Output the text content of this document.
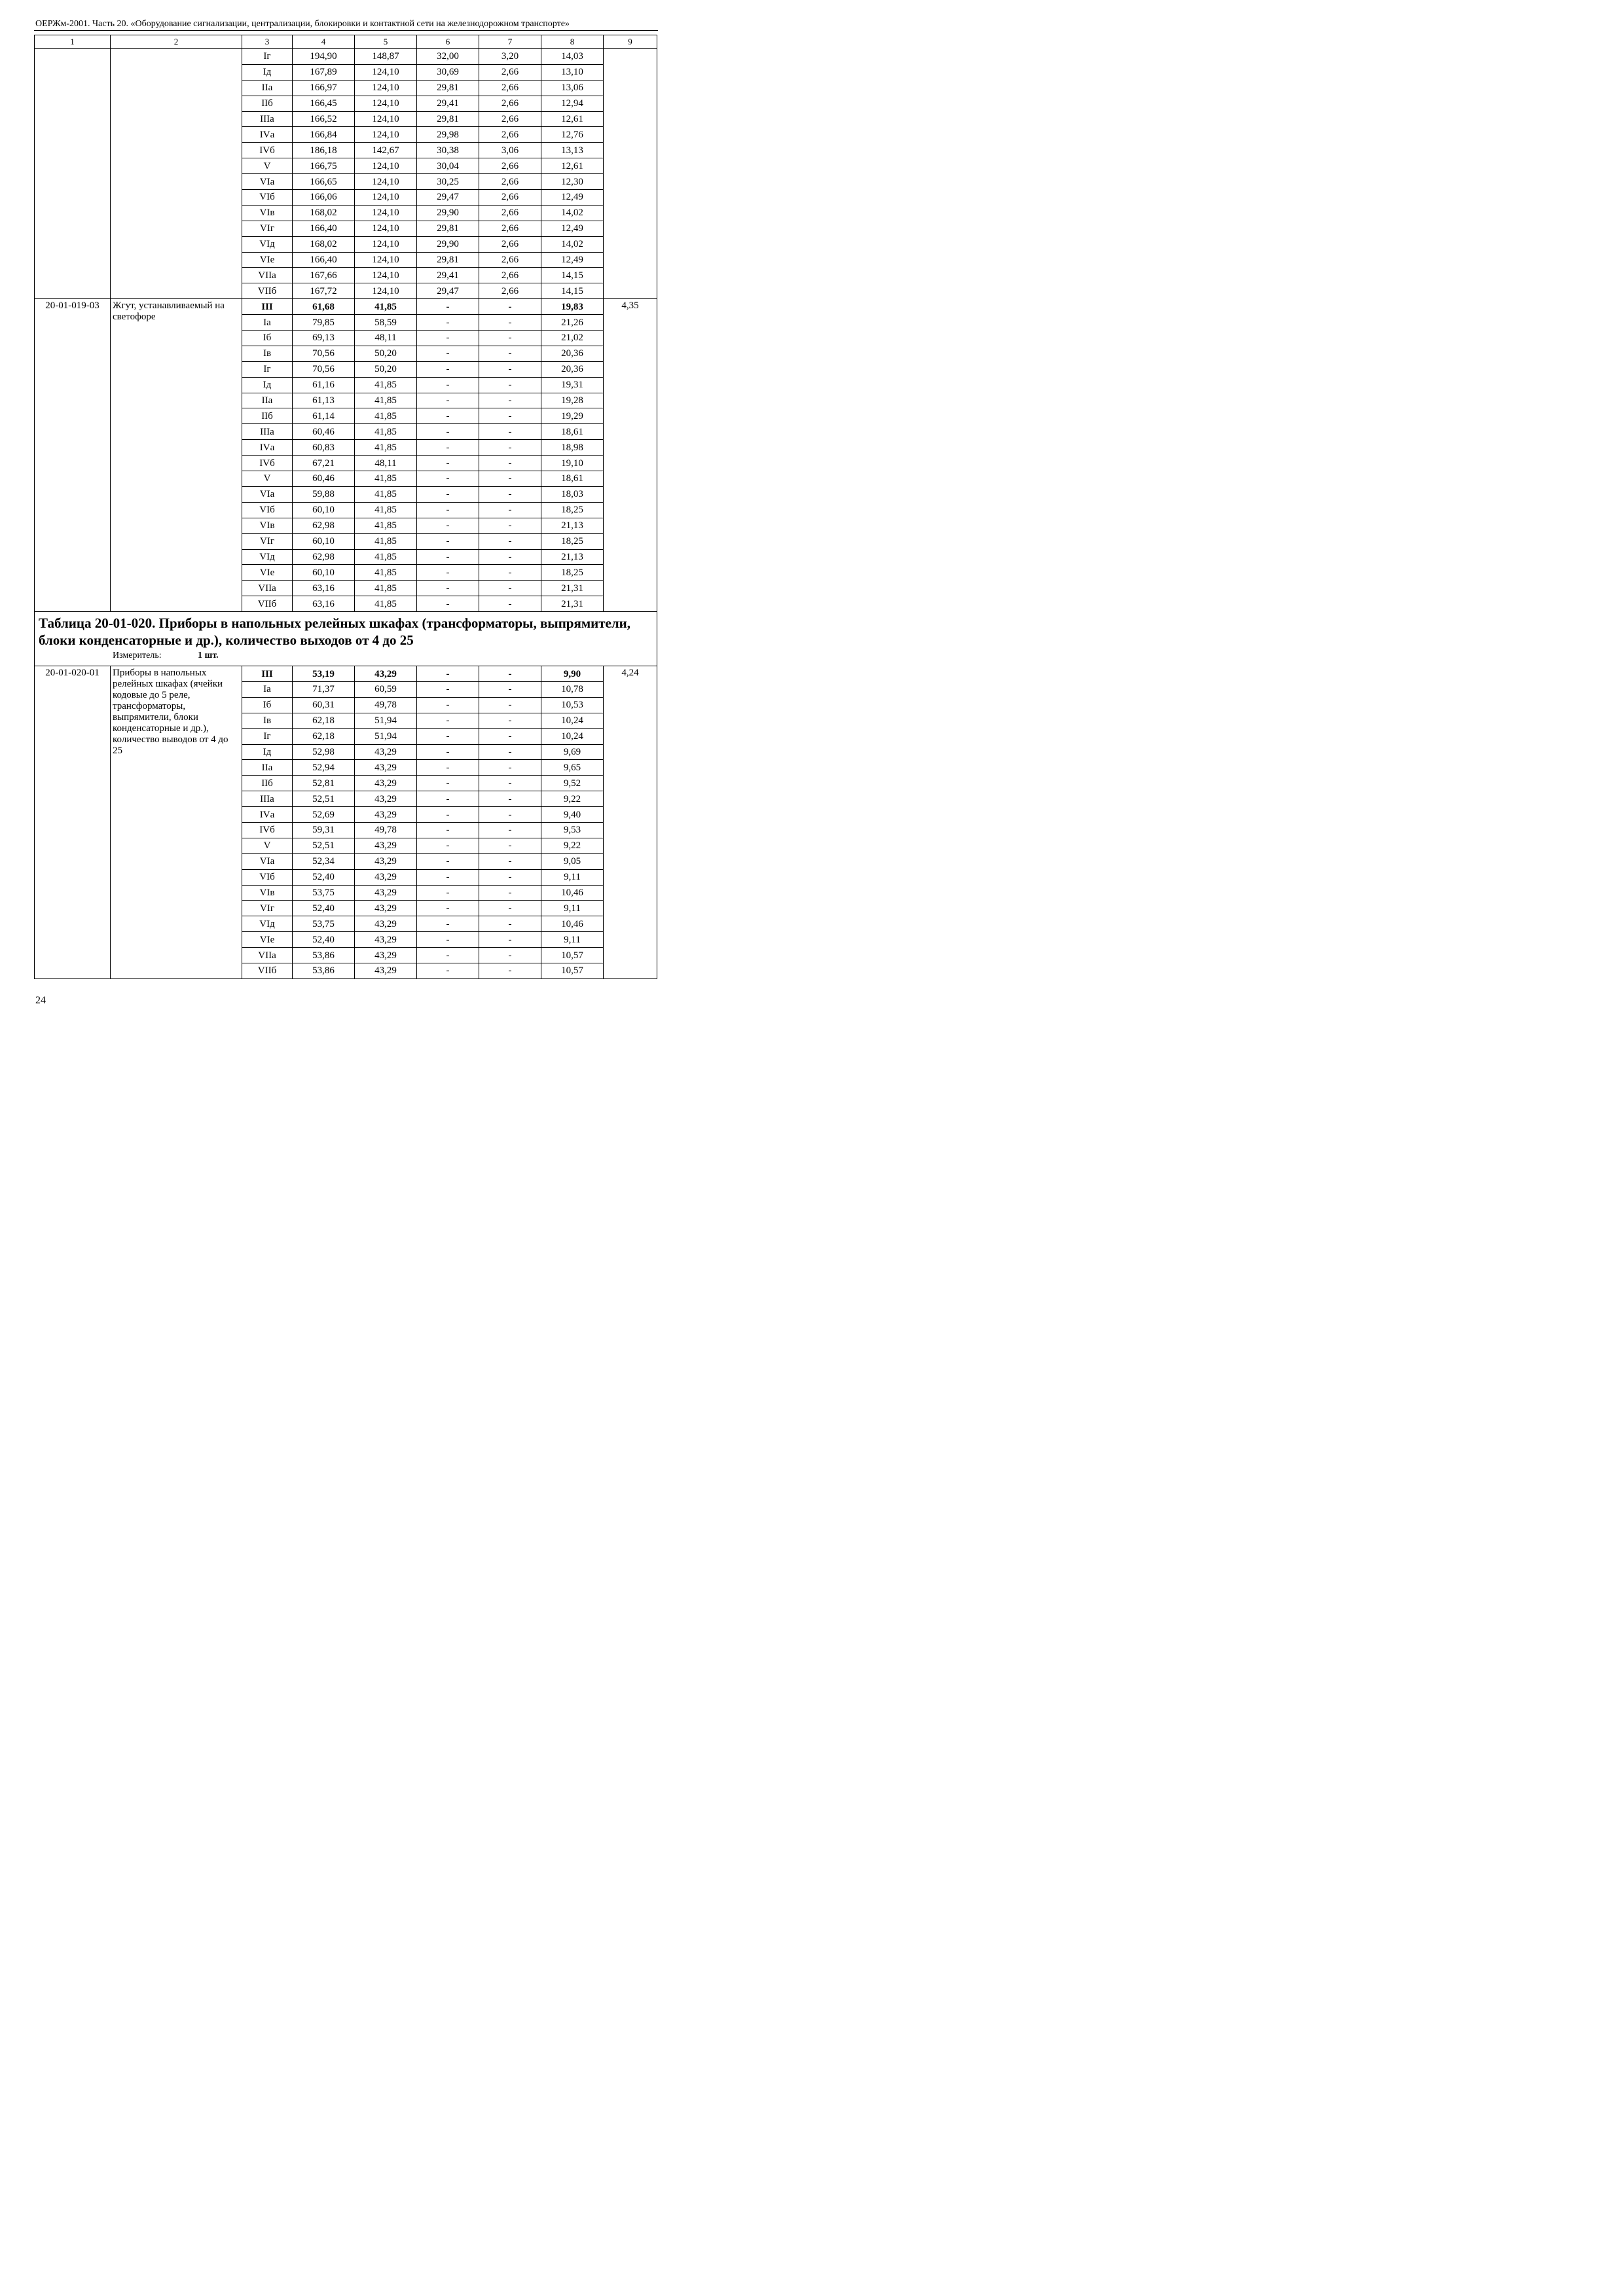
ОЕРЖм-2001. Часть 20. «Оборудование сигнализации, централизации, блокировки и контактной сети на железнодорожном транспорте»
1	2	3	4	5	6	7	8	9
		Iг	194,90	148,87	32,00	3,20	14,03	
		Iд	167,89	124,10	30,69	2,66	13,10	
		IIа	166,97	124,10	29,81	2,66	13,06	
		IIб	166,45	124,10	29,41	2,66	12,94	
		IIIа	166,52	124,10	29,81	2,66	12,61	
		IVа	166,84	124,10	29,98	2,66	12,76	
		IVб	186,18	142,67	30,38	3,06	13,13	
		V	166,75	124,10	30,04	2,66	12,61	
		VIа	166,65	124,10	30,25	2,66	12,30	
		VIб	166,06	124,10	29,47	2,66	12,49	
		VIв	168,02	124,10	29,90	2,66	14,02	
		VIг	166,40	124,10	29,81	2,66	12,49	
		VIд	168,02	124,10	29,90	2,66	14,02	
		VIе	166,40	124,10	29,81	2,66	12,49	
		VIIа	167,66	124,10	29,41	2,66	14,15	
		VIIб	167,72	124,10	29,47	2,66	14,15	
20-01-019-03	Жгут, устанавливаемый на светофоре	III	61,68	41,85	-	-	19,83	4,35
		Iа	79,85	58,59	-	-	21,26	
		Iб	69,13	48,11	-	-	21,02	
		Iв	70,56	50,20	-	-	20,36	
		Iг	70,56	50,20	-	-	20,36	
		Iд	61,16	41,85	-	-	19,31	
		IIа	61,13	41,85	-	-	19,28	
		IIб	61,14	41,85	-	-	19,29	
		IIIа	60,46	41,85	-	-	18,61	
		IVа	60,83	41,85	-	-	18,98	
		IVб	67,21	48,11	-	-	19,10	
		V	60,46	41,85	-	-	18,61	
		VIа	59,88	41,85	-	-	18,03	
		VIб	60,10	41,85	-	-	18,25	
		VIв	62,98	41,85	-	-	21,13	
		VIг	60,10	41,85	-	-	18,25	
		VIд	62,98	41,85	-	-	21,13	
		VIе	60,10	41,85	-	-	18,25	
		VIIа	63,16	41,85	-	-	21,31	
		VIIб	63,16	41,85	-	-	21,31	

Таблица 20-01-020. Приборы в напольных релейных шкафах (трансформаторы, выпрямители, блоки конденсаторные и др.), количество выходов от 4 до 25
Измеритель: 1 шт.								

20-01-020-01	Приборы в напольных релейных шкафах (ячейки кодовые до 5 реле, трансформаторы, выпрямители, блоки конденсаторные и др.), количество выводов от 4 до 25	III	53,19	43,29	-	-	9,90	4,24
		Iа	71,37	60,59	-	-	10,78	
		Iб	60,31	49,78	-	-	10,53	
		Iв	62,18	51,94	-	-	10,24	
		Iг	62,18	51,94	-	-	10,24	
		Iд	52,98	43,29	-	-	9,69	
		IIа	52,94	43,29	-	-	9,65	
		IIб	52,81	43,29	-	-	9,52	
		IIIа	52,51	43,29	-	-	9,22	
		IVа	52,69	43,29	-	-	9,40	
		IVб	59,31	49,78	-	-	9,53	
		V	52,51	43,29	-	-	9,22	
		VIа	52,34	43,29	-	-	9,05	
		VIб	52,40	43,29	-	-	9,11	
		VIв	53,75	43,29	-	-	10,46	
		VIг	52,40	43,29	-	-	9,11	
		VIд	53,75	43,29	-	-	10,46	
		VIе	52,40	43,29	-	-	9,11	
		VIIа	53,86	43,29	-	-	10,57	
		VIIб	53,86	43,29	-	-	10,57	
24
